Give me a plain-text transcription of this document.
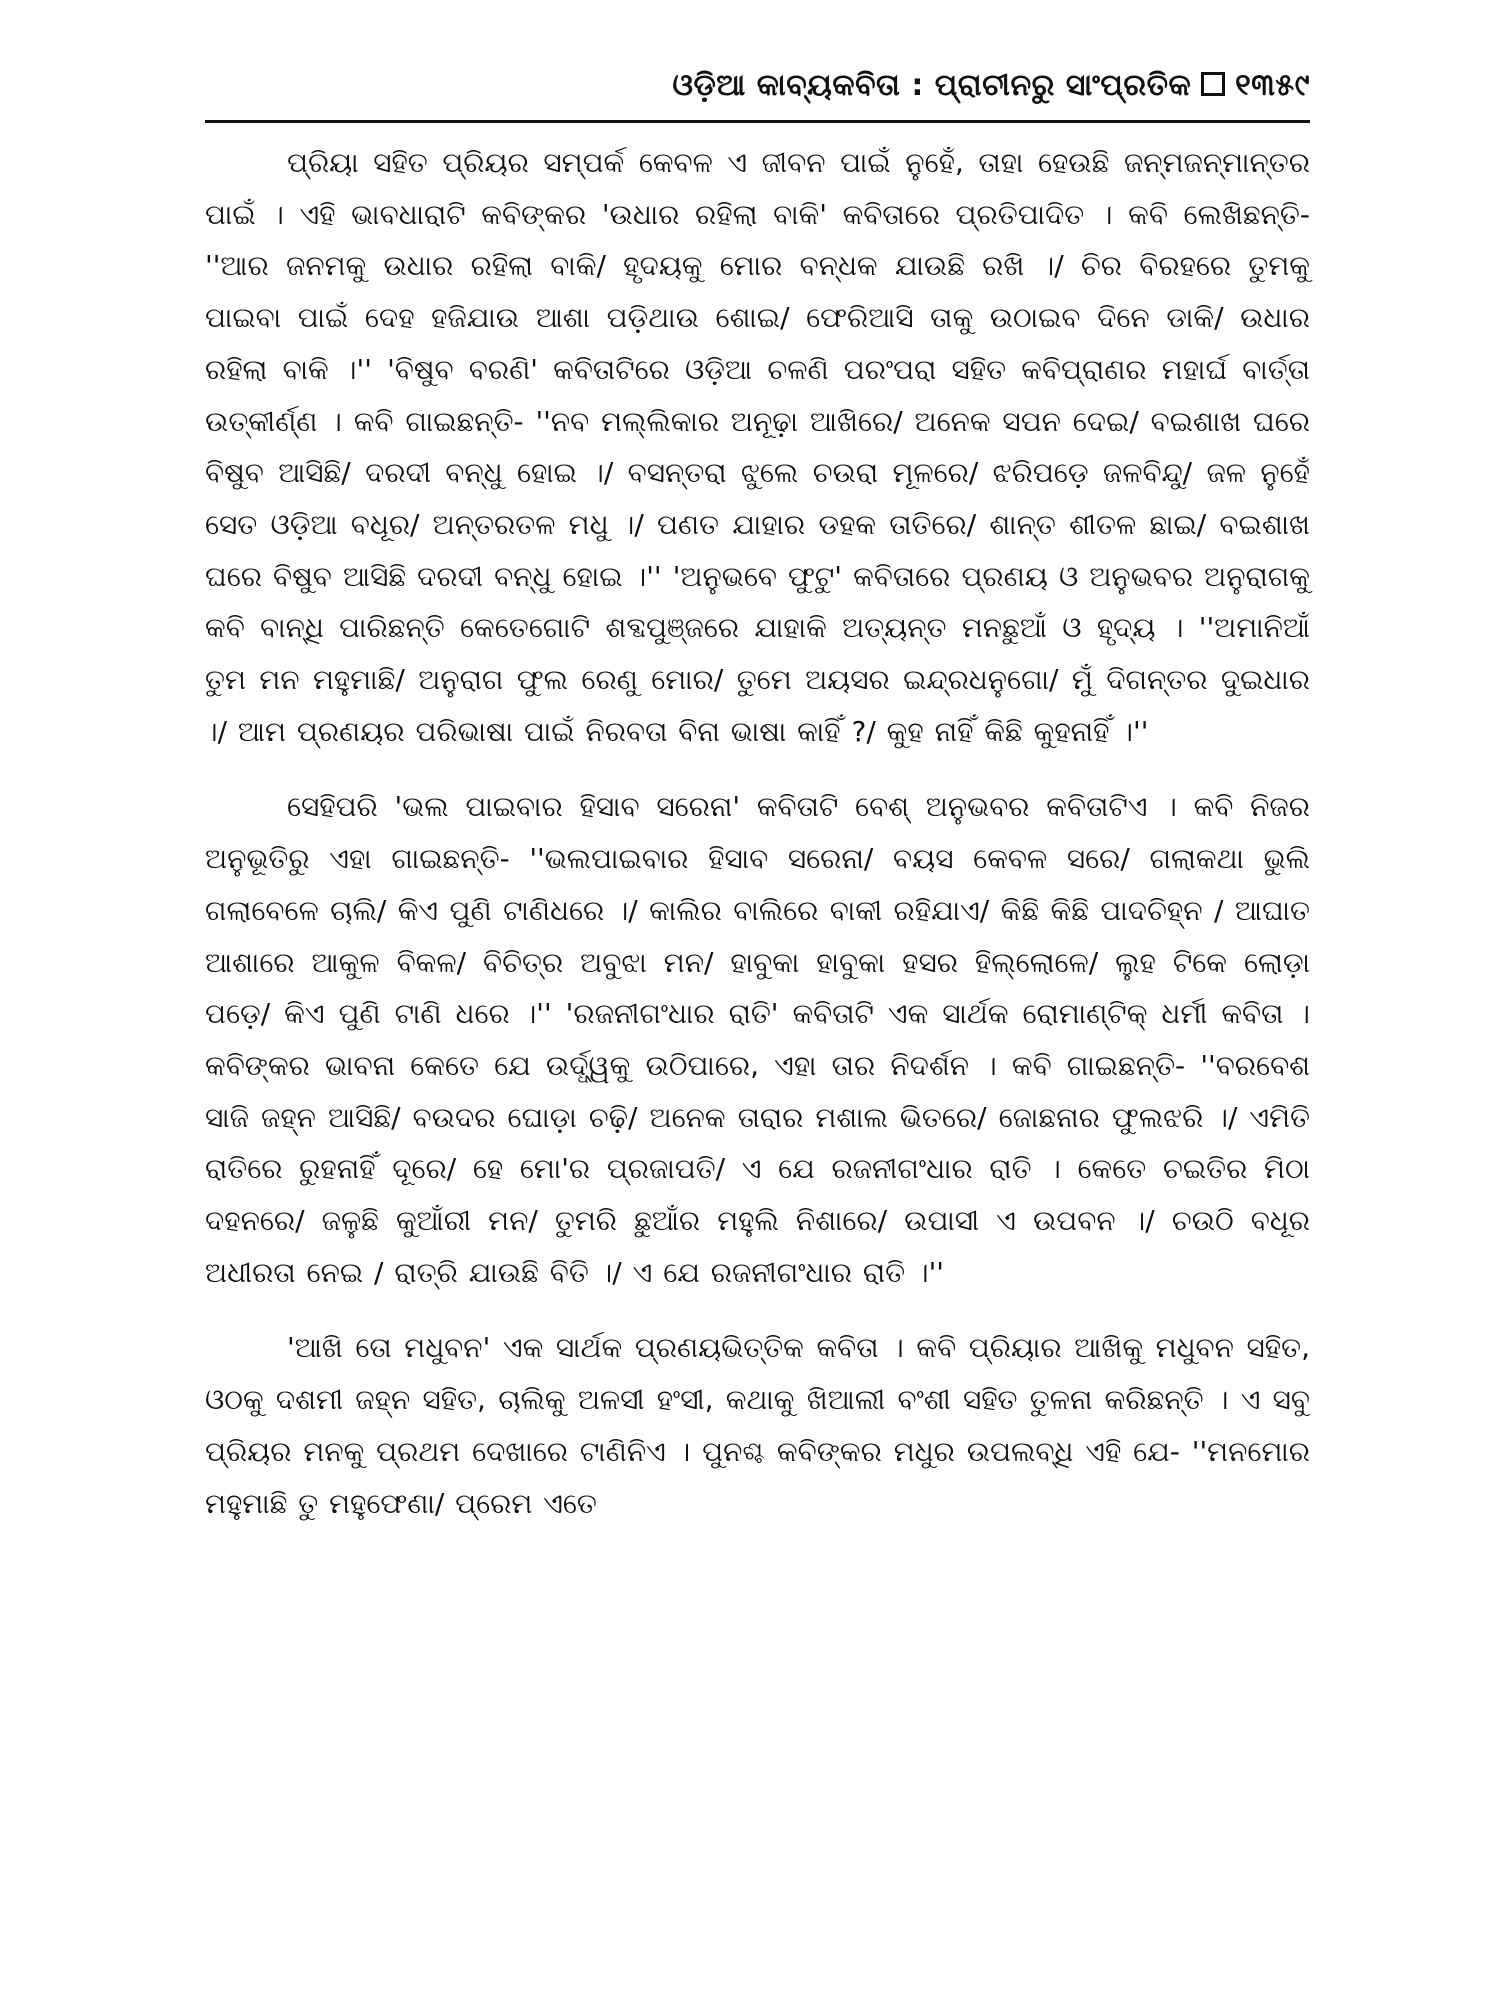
ଓଡ଼ିଆ କାବ୍ୟକବିତା : ପ୍ରାଚୀନରୁ ସାଂପ୍ରତିକ ୧୩୫୯

ପ୍ରିୟା ସହିତ ପ୍ରିୟର ସମ୍ପର୍କ କେବଳ ଏ ଜୀବନ ପାଇଁ ନୁହେଁ, ତାହା ହେଉଛି ଜନ୍ମଜନ୍ମାନ୍ତର ପାଇଁ । ଏହି ଭାବଧାରାଟି କବିଙ୍କର 'ଉଧାର ରହିଲା ବାକି' କବିତାରେ ପ୍ରତିପାଦିତ । କବି ଲେଖିଛନ୍ତି- ''ଆର ଜନମକୁ ଉଧାର ରହିଲା ବାକି/ ହୃଦୟକୁ ମୋର ବନ୍ଧକ ଯାଉଛି ରଖି ।/ ଚିର ବିରହରେ ତୁମକୁ ପାଇବା ପାଇଁ ଦେହ ହଜିଯାଉ ଆଶା ପଡ଼ିଥାଉ ଶୋଇ/ ଫେରିଆସି ତାକୁ ଉଠାଇବ ଦିନେ ଡାକି/ ଉଧାର ରହିଲା ବାକି ।'' 'ବିଷୁବ ବରଣି' କବିତାଟିରେ ଓଡ଼ିଆ ଚଳଣି ପରଂପରା ସହିତ କବିପ୍ରାଣର ମହାର୍ଘ ବାର୍ତ୍ତା ଉତ୍କୀର୍ଣ୍ଣ । କବି ଗାଇଛନ୍ତି- ''ନବ ମଲ୍ଲିକାର ଅନୂଢ଼ା ଆଖିରେ/ ଅନେକ ସପନ ଦେଇ/ ବଇଶାଖ ଘରେ ବିଷୁବ ଆସିଛି/ ଦରଦୀ ବନ୍ଧୁ ହୋଇ ।/ ବସନ୍ତରା ଝୁଲେ ଚଉରା ମୂଳରେ/ ଝରିପଡ଼େ ଜଳବିନ୍ଦୁ/ ଜଳ ନୁହେଁ ସେତ ଓଡ଼ିଆ ବଧୂର/ ଅନ୍ତରତଳ ମଧୁ ।/ ପଣତ ଯାହାର ଡହକ ତାତିରେ/ ଶାନ୍ତ ଶୀତଳ ଛାଇ/ ବଇଶାଖ ଘରେ ବିଷୁବ ଆସିଛି ଦରଦୀ ବନ୍ଧୁ ହୋଇ ।'' 'ଅନୁଭବେ ଫୁଟୁ' କବିତାରେ ପ୍ରଣୟ ଓ ଅନୁଭବର ଅନୁରାଗକୁ କବି ବାନ୍ଧି ପାରିଛନ୍ତି କେତେଗୋଟି ଶବ୍ଦପୁଞ୍ଜରେ ଯାହାକି ଅତ୍ୟନ୍ତ ମନଛୁଆଁ ଓ ହୃଦ୍ୟ । ''ଅମାନିଆଁ ତୁମ ମନ ମହୁମାଛି/ ଅନୁରାଗ ଫୁଲ ରେଣୁ ମୋର/ ତୁମେ ଅୟସର ଇନ୍ଦ୍ରଧନୁଗୋ/ ମୁଁ ଦିଗନ୍ତର ଦୁଇଧାର ।/ ଆମ ପ୍ରଣୟର ପରିଭାଷା ପାଇଁ ନିରବତା ବିନା ଭାଷା କାହିଁ ?/ କୁହ ନାହିଁ କିଛି କୁହନାହିଁ ।''

ସେହିପରି 'ଭଲ ପାଇବାର ହିସାବ ସରେନା' କବିତାଟି ବେଶ୍ ଅନୁଭବର କବିତାଟିଏ । କବି ନିଜର ଅନୁଭୂତିରୁ ଏହା ଗାଇଛନ୍ତି- ''ଭଲପାଇବାର ହିସାବ ସରେନା/ ବୟସ କେବଳ ସରେ/ ଗଲାକଥା ଭୁଲି ଗଲାବେଳେ ଚାଲି/ କିଏ ପୁଣି ଟାଣିଧରେ ।/ କାଲିର ବାଲିରେ ବାକୀ ରହିଯାଏ/ କିଛି କିଛି ପାଦଚିହ୍ନ / ଆଘାତ ଆଶାରେ ଆକୁଳ ବିକଳ/ ବିଚିତ୍ର ଅବୁଝା ମନ/ ହାବୁକା ହାବୁକା ହସର ହିଲ୍ଲୋଳେ/ ଲୁହ ଟିକେ ଲୋଡ଼ା ପଡ଼େ/ କିଏ ପୁଣି ଟାଣି ଧରେ ।'' 'ରଜନୀଗଂଧାର ରାତି' କବିତାଟି ଏକ ସାର୍ଥକ ରୋମାଣ୍ଟିକ୍ ଧର୍ମୀ କବିତା । କବିଙ୍କର ଭାବନା କେତେ ଯେ ଉର୍ଦ୍ଧ୍ୱକୁ ଉଠିପାରେ, ଏହା ତାର ନିଦର୍ଶନ । କବି ଗାଇଛନ୍ତି- ''ବରବେଶ ସାଜି ଜହ୍ନ ଆସିଛି/ ବଉଦର ଘୋଡ଼ା ଚଢ଼ି/ ଅନେକ ତାରାର ମଶାଲ ଭିତରେ/ ଜୋଛନାର ଫୁଲଝରି ।/ ଏମିତି ରାତିରେ ରୁହନାହିଁ ଦୂରେ/ ହେ ମୋ'ର ପ୍ରଜାପତି/ ଏ ଯେ ରଜନୀଗଂଧାର ରାତି । କେତେ ଚଇତିର ମିଠା ଦହନରେ/ ଜଳୁଛି କୁଆଁରୀ ମନ/ ତୁମରି ଛୁଆଁର ମହୁଲି ନିଶାରେ/ ଉପାସୀ ଏ ଉପବନ ।/ ଚଉଠି ବଧୂର ଅଧୀରତା ନେଇ / ରାତ୍ରି ଯାଉଛି ବିତି ।/ ଏ ଯେ ରଜନୀଗଂଧାର ରାତି ।''

'ଆଖି ତୋ ମଧୁବନ' ଏକ ସାର୍ଥକ ପ୍ରଣୟଭିତ୍ତିକ କବିତା । କବି ପ୍ରିୟାର ଆଖିକୁ ମଧୁବନ ସହିତ, ଓଠକୁ ଦଶମୀ ଜହ୍ନ ସହିତ, ଚାଲିକୁ ଅଳସୀ ହଂସୀ, କଥାକୁ ଖିଆଲୀ ବଂଶୀ ସହିତ ତୁଳନା କରିଛନ୍ତି । ଏ ସବୁ ପ୍ରିୟର ମନକୁ ପ୍ରଥମ ଦେଖାରେ ଟାଣିନିଏ । ପୁନଶ୍ଚ କବିଙ୍କର ମଧୁର ଉପଲବ୍ଧି ଏହି ଯେ- ''ମନମୋର ମହୁମାଛି ତୁ ମହୁଫେଣା/ ପ୍ରେମ ଏତେ
